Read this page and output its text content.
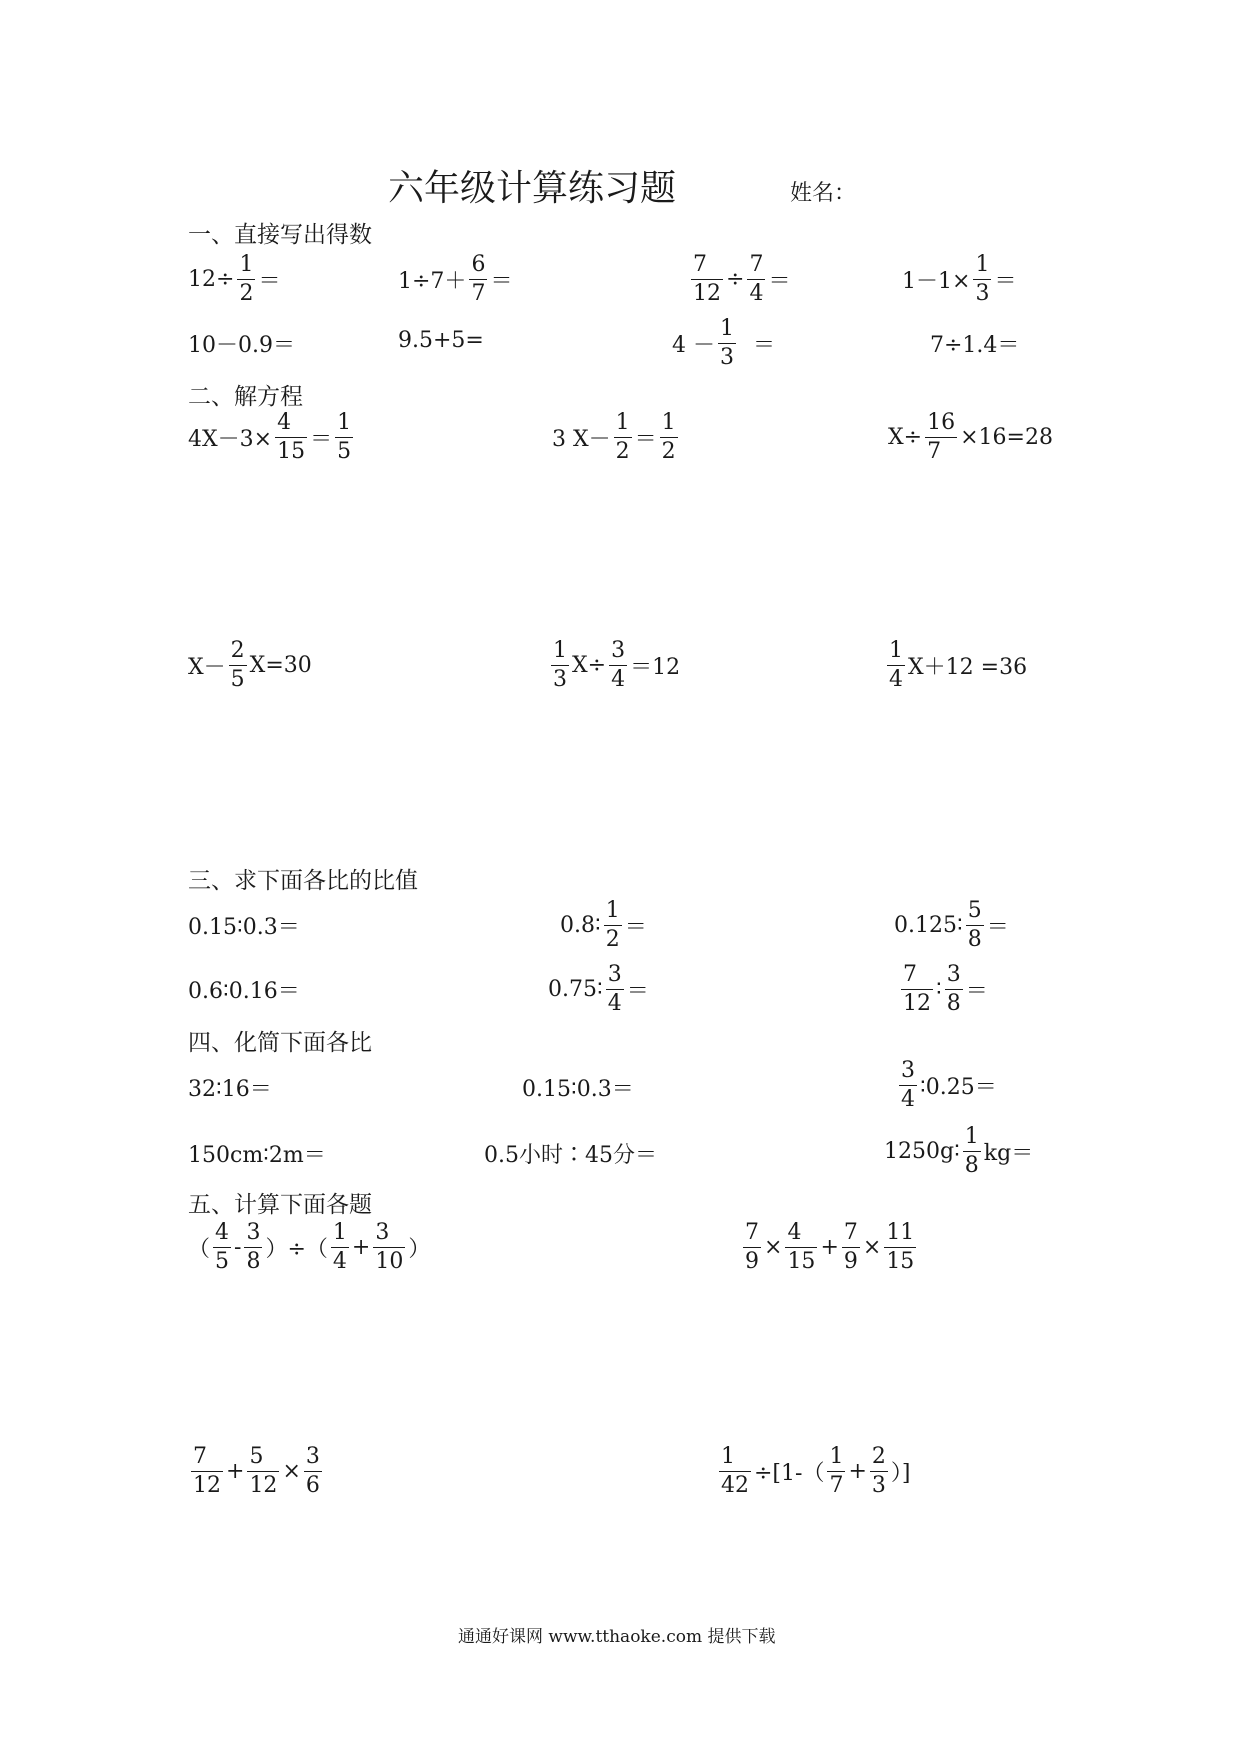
六年级计算练习题	姓名：
一、直接写出得数
$12\div \frac{1}{2}$ ＝	$1\div 7+ \frac{6}{7}$ ＝	$\frac{7}{12} \div \frac{7}{4}$ ＝	$1-1\times \frac{1}{3}$ ＝
10－0.9＝	9.5+5=	$4 - \frac{1}{3}$ ＝	7÷1.4＝
二、解方程
$4X-3\times \frac{4}{15} = \frac{1}{5}$	3 $X- \frac{1}{2} = \frac{1}{2}$	$X\div \frac{16}{7} \times 16=28$
$X- \frac{2}{5} X=30$	$\frac{1}{3} X\div \frac{3}{4} =12$	$\frac{1}{4} X+12 =36$
三、求下面各比的比值
0.15∶0.3＝	0.8∶ $\frac{1}{2}$ ＝	0.125∶ $\frac{5}{8}$ ＝
0.6∶0.16＝	0.75∶ $\frac{3}{4}$ ＝	$\frac{7}{12}$ ∶ $\frac{3}{8}$ ＝
四、化简下面各比
32∶16＝	0.15∶0.3＝	$\frac{3}{4}$ ∶0.25＝
150cm∶2m＝	0.5小时∶45分＝	1250g∶ $\frac{1}{8} kg=$
五、计算下面各题
（ $\frac{4}{5} - \frac{3}{8}$ ）÷（ $\frac{1}{4} + \frac{3}{10}$ ）	$\frac{7}{9} \times \frac{4}{15} + \frac{7}{9} \times \frac{11}{15}$
$\frac{7}{12} + \frac{5}{12} \times \frac{3}{6}$	$\frac{1}{42} \div[1-( \frac{1}{7} + \frac{2}{3}$ ）]
通通好课网 www.tthaoke.com 提供下载
